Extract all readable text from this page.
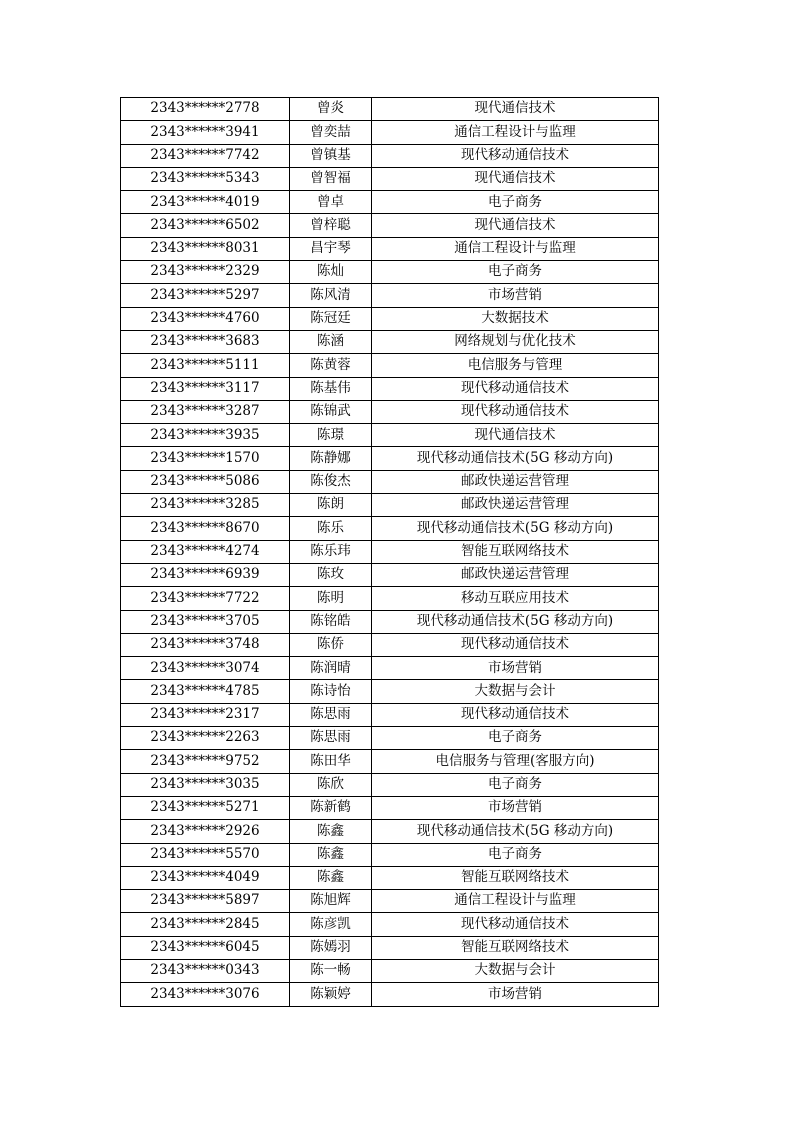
2343******2778	曾炎	现代通信技术
2343******3941	曾奕喆	通信工程设计与监理
2343******7742	曾镇基	现代移动通信技术
2343******5343	曾智福	现代通信技术
2343******4019	曾卓	电子商务
2343******6502	曾梓聪	现代通信技术
2343******8031	昌宇琴	通信工程设计与监理
2343******2329	陈灿	电子商务
2343******5297	陈风清	市场营销
2343******4760	陈冠廷	大数据技术
2343******3683	陈涵	网络规划与优化技术
2343******5111	陈黄蓉	电信服务与管理
2343******3117	陈基伟	现代移动通信技术
2343******3287	陈锦武	现代移动通信技术
2343******3935	陈璟	现代通信技术
2343******1570	陈静娜	现代移动通信技术(5G 移动方向)
2343******5086	陈俊杰	邮政快递运营管理
2343******3285	陈朗	邮政快递运营管理
2343******8670	陈乐	现代移动通信技术(5G 移动方向)
2343******4274	陈乐玮	智能互联网络技术
2343******6939	陈玫	邮政快递运营管理
2343******7722	陈明	移动互联应用技术
2343******3705	陈铭皓	现代移动通信技术(5G 移动方向)
2343******3748	陈侨	现代移动通信技术
2343******3074	陈润晴	市场营销
2343******4785	陈诗怡	大数据与会计
2343******2317	陈思雨	现代移动通信技术
2343******2263	陈思雨	电子商务
2343******9752	陈田华	电信服务与管理(客服方向)
2343******3035	陈欣	电子商务
2343******5271	陈新鹤	市场营销
2343******2926	陈鑫	现代移动通信技术(5G 移动方向)
2343******5570	陈鑫	电子商务
2343******4049	陈鑫	智能互联网络技术
2343******5897	陈旭辉	通信工程设计与监理
2343******2845	陈彦凯	现代移动通信技术
2343******6045	陈嫣羽	智能互联网络技术
2343******0343	陈一畅	大数据与会计
2343******3076	陈颖婷	市场营销
